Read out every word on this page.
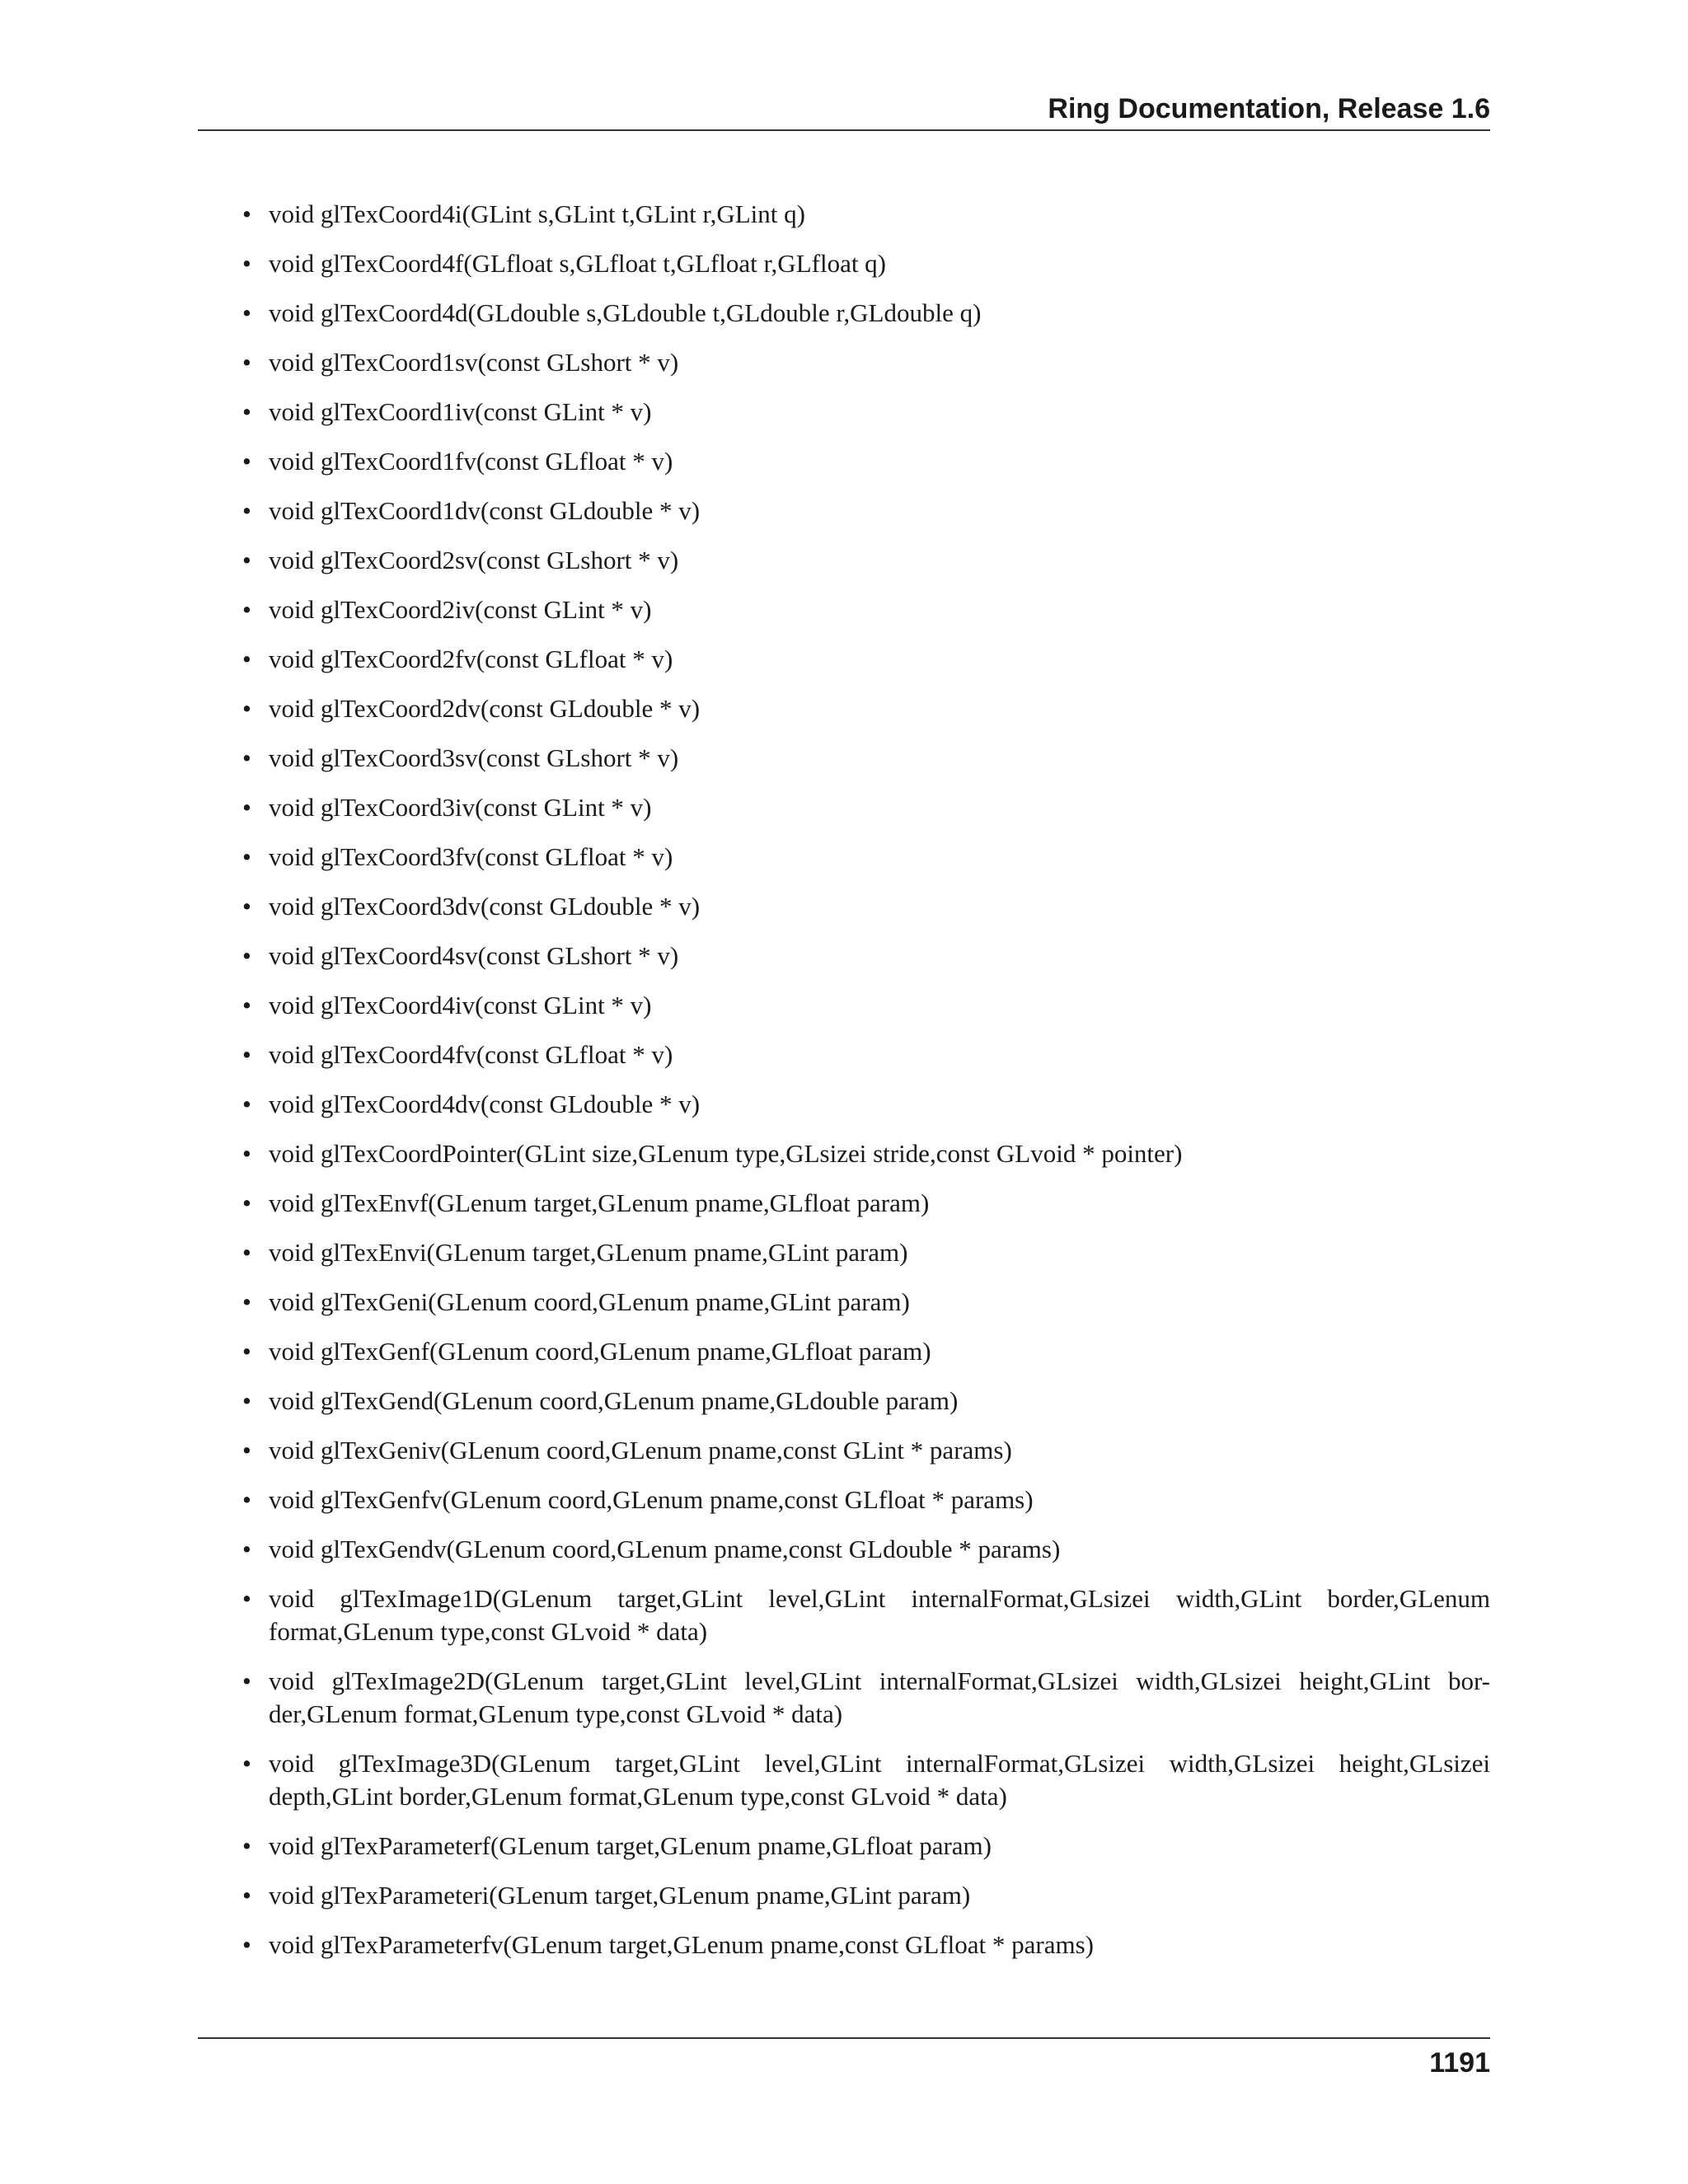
Ring Documentation, Release 1.6
• void glTexCoord4i(GLint s,GLint t,GLint r,GLint q)
• void glTexCoord4f(GLfloat s,GLfloat t,GLfloat r,GLfloat q)
• void glTexCoord4d(GLdouble s,GLdouble t,GLdouble r,GLdouble q)
• void glTexCoord1sv(const GLshort * v)
• void glTexCoord1iv(const GLint * v)
• void glTexCoord1fv(const GLfloat * v)
• void glTexCoord1dv(const GLdouble * v)
• void glTexCoord2sv(const GLshort * v)
• void glTexCoord2iv(const GLint * v)
• void glTexCoord2fv(const GLfloat * v)
• void glTexCoord2dv(const GLdouble * v)
• void glTexCoord3sv(const GLshort * v)
• void glTexCoord3iv(const GLint * v)
• void glTexCoord3fv(const GLfloat * v)
• void glTexCoord3dv(const GLdouble * v)
• void glTexCoord4sv(const GLshort * v)
• void glTexCoord4iv(const GLint * v)
• void glTexCoord4fv(const GLfloat * v)
• void glTexCoord4dv(const GLdouble * v)
• void glTexCoordPointer(GLint size,GLenum type,GLsizei stride,const GLvoid * pointer)
• void glTexEnvf(GLenum target,GLenum pname,GLfloat param)
• void glTexEnvi(GLenum target,GLenum pname,GLint param)
• void glTexGeni(GLenum coord,GLenum pname,GLint param)
• void glTexGenf(GLenum coord,GLenum pname,GLfloat param)
• void glTexGend(GLenum coord,GLenum pname,GLdouble param)
• void glTexGeniv(GLenum coord,GLenum pname,const GLint * params)
• void glTexGenfv(GLenum coord,GLenum pname,const GLfloat * params)
• void glTexGendv(GLenum coord,GLenum pname,const GLdouble * params)
• void glTexImage1D(GLenum target,GLint level,GLint internalFormat,GLsizei width,GLint border,GLenum format,GLenum type,const GLvoid * data)
• void glTexImage2D(GLenum target,GLint level,GLint internalFormat,GLsizei width,GLsizei height,GLint bor-der,GLenum format,GLenum type,const GLvoid * data)
• void glTexImage3D(GLenum target,GLint level,GLint internalFormat,GLsizei width,GLsizei height,GLsizei depth,GLint border,GLenum format,GLenum type,const GLvoid * data)
• void glTexParameterf(GLenum target,GLenum pname,GLfloat param)
• void glTexParameteri(GLenum target,GLenum pname,GLint param)
• void glTexParameterfv(GLenum target,GLenum pname,const GLfloat * params)
1191
